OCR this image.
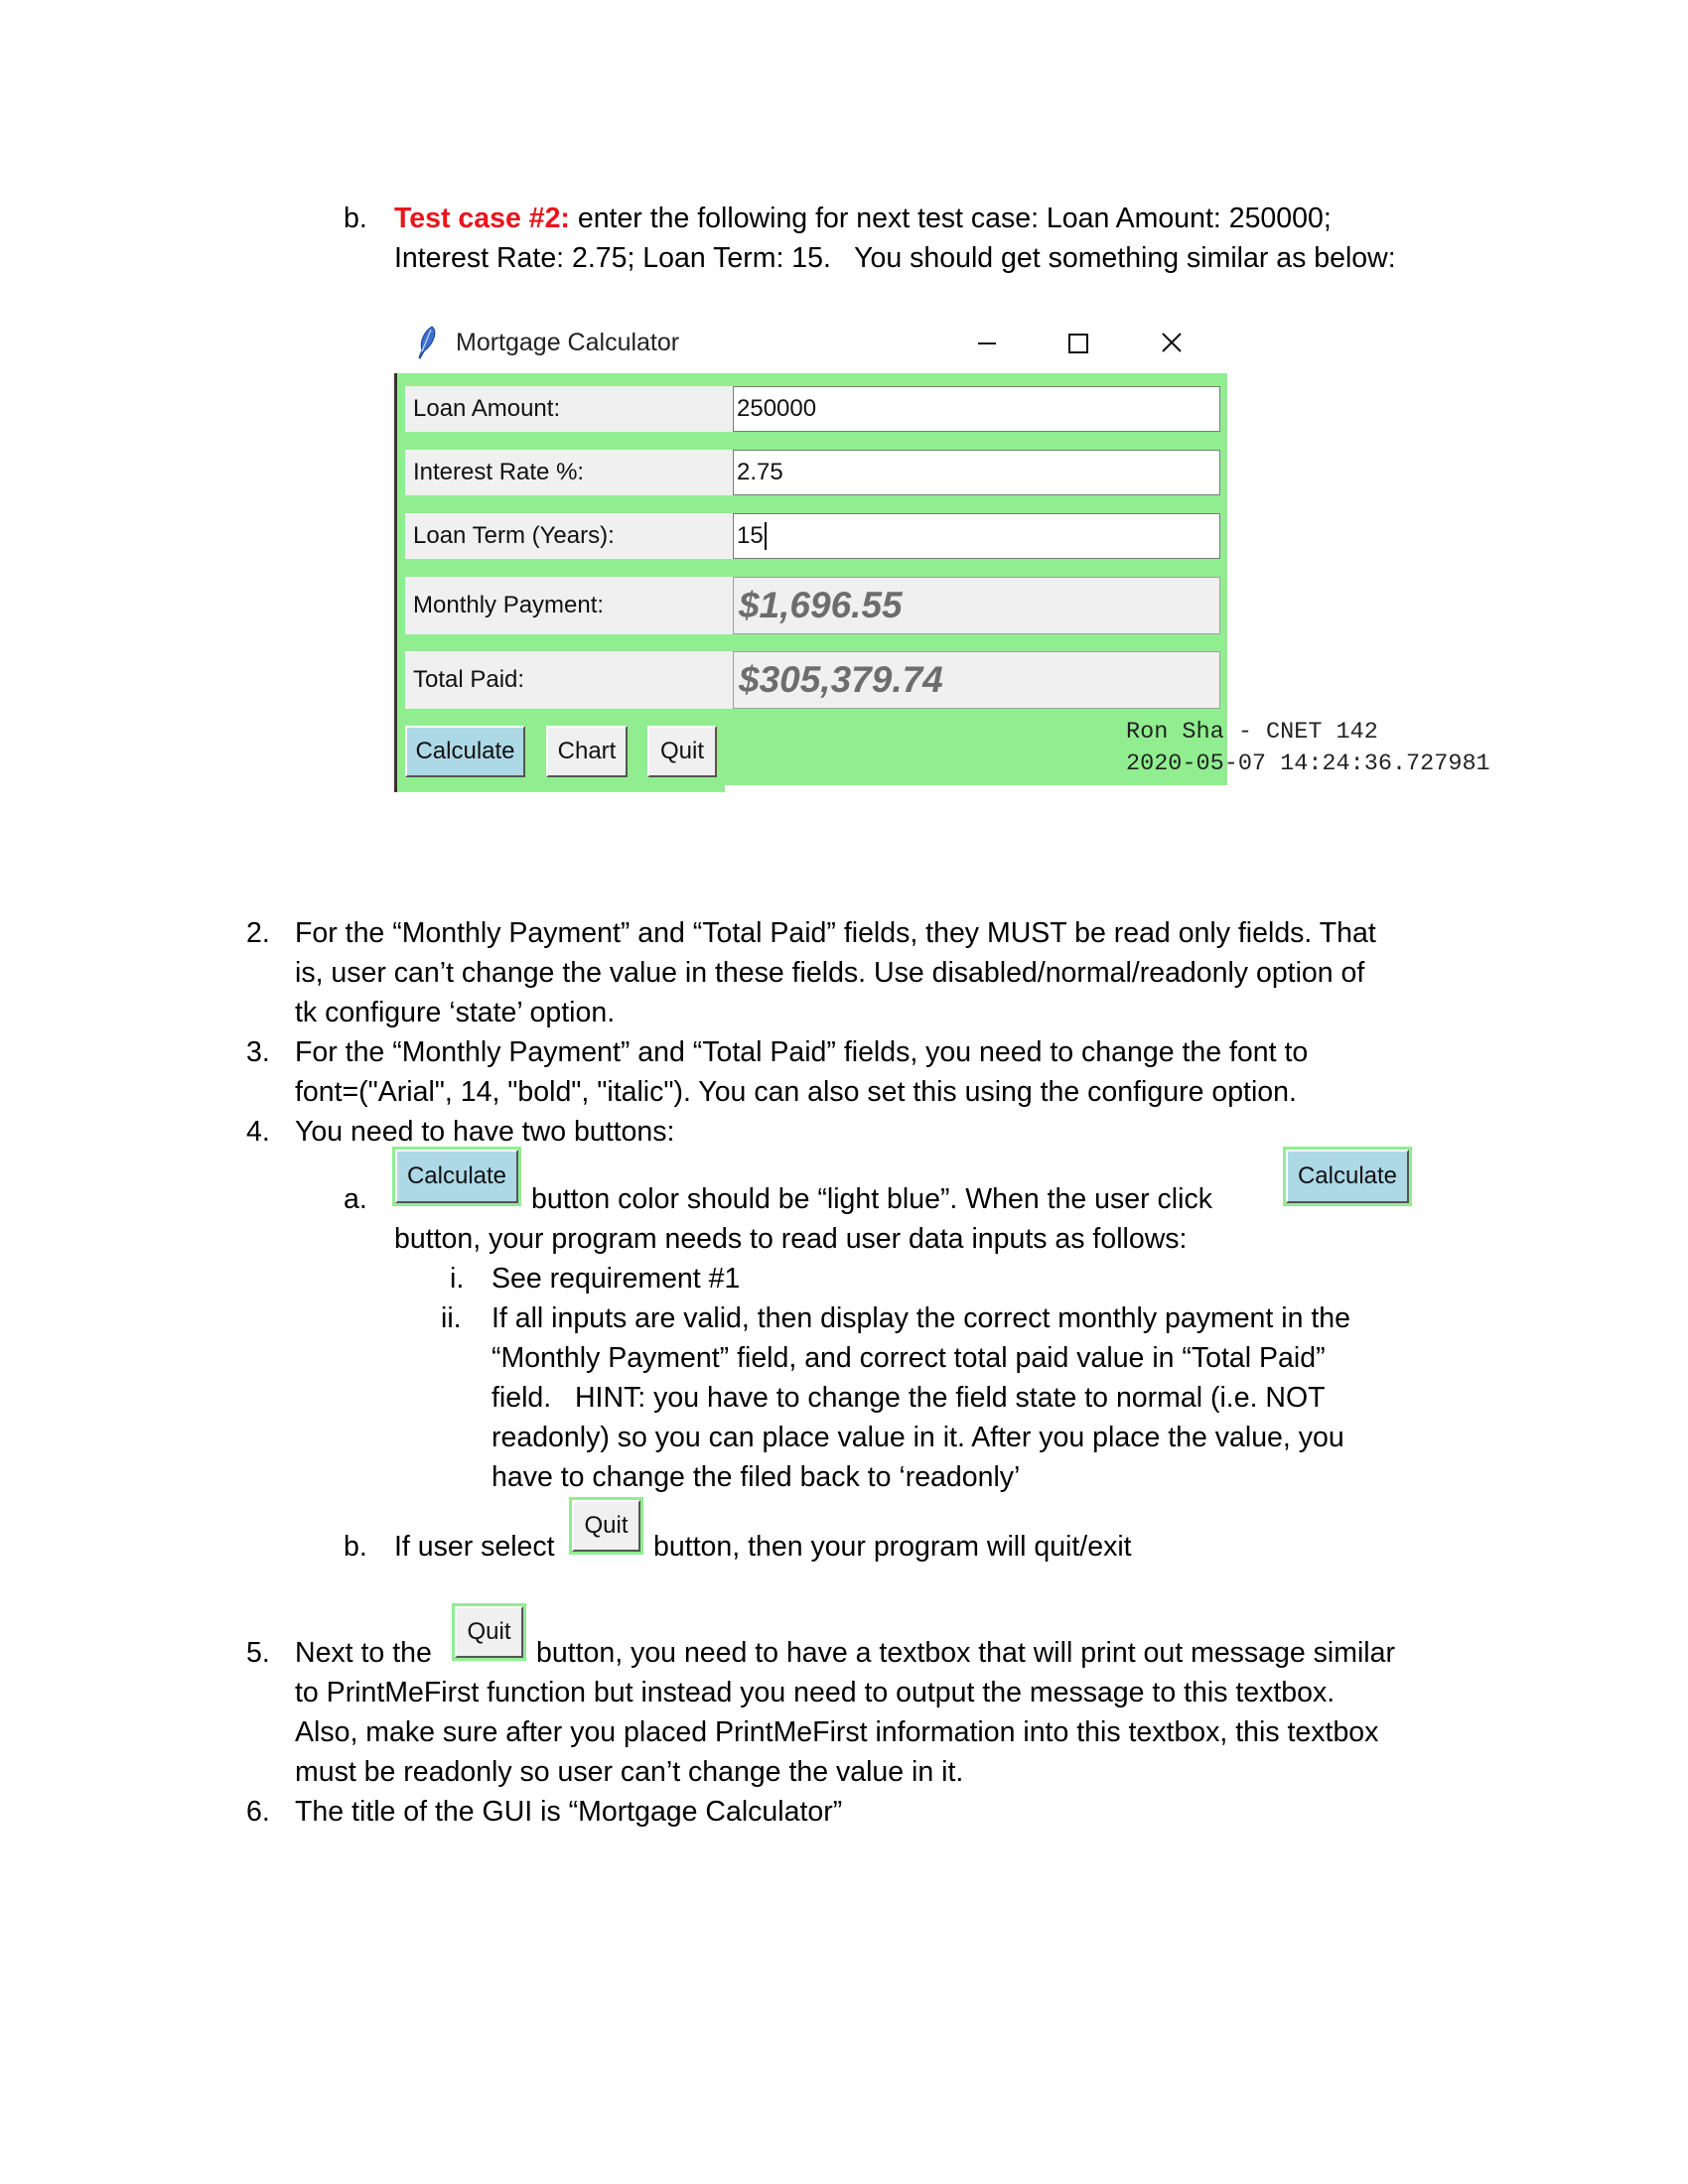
b. Test case #2: enter the following for next test case: Loan Amount: 250000;
Interest Rate: 2.75; Loan Term: 15.   You should get something similar as below:
Mortgage Calculator
Loan Amount:	250000
Interest Rate %:	2.75
Loan Term (Years):	15
Monthly Payment:	$1,696.55
Total Paid:	$305,379.74
Calculate	Chart	Quit
Ron Sha - CNET 142
2020-05-07 14:24:36.727981
2. For the “Monthly Payment” and “Total Paid” fields, they MUST be read only fields. That
is, user can’t change the value in these fields. Use disabled/normal/readonly option of
tk configure ‘state’ option.
3. For the “Monthly Payment” and “Total Paid” fields, you need to change the font to
font=("Arial", 14, "bold", "italic"). You can also set this using the configure option.
4. You need to have two buttons:
Calculate
a.	button color should be “light blue”. When the user click
Calculate
button, your program needs to read user data inputs as follows:
i. See requirement #1
ii. If all inputs are valid, then display the correct monthly payment in the
“Monthly Payment” field, and correct total paid value in “Total Paid”
field.   HINT: you have to change the field state to normal (i.e. NOT
readonly) so you can place value in it. After you place the value, you
have to change the filed back to ‘readonly’
b. If user select
Quit
button, then your program will quit/exit
5. Next to the
Quit
button, you need to have a textbox that will print out message similar
to PrintMeFirst function but instead you need to output the message to this textbox.
Also, make sure after you placed PrintMeFirst information into this textbox, this textbox
must be readonly so user can’t change the value in it.
6. The title of the GUI is “Mortgage Calculator”
